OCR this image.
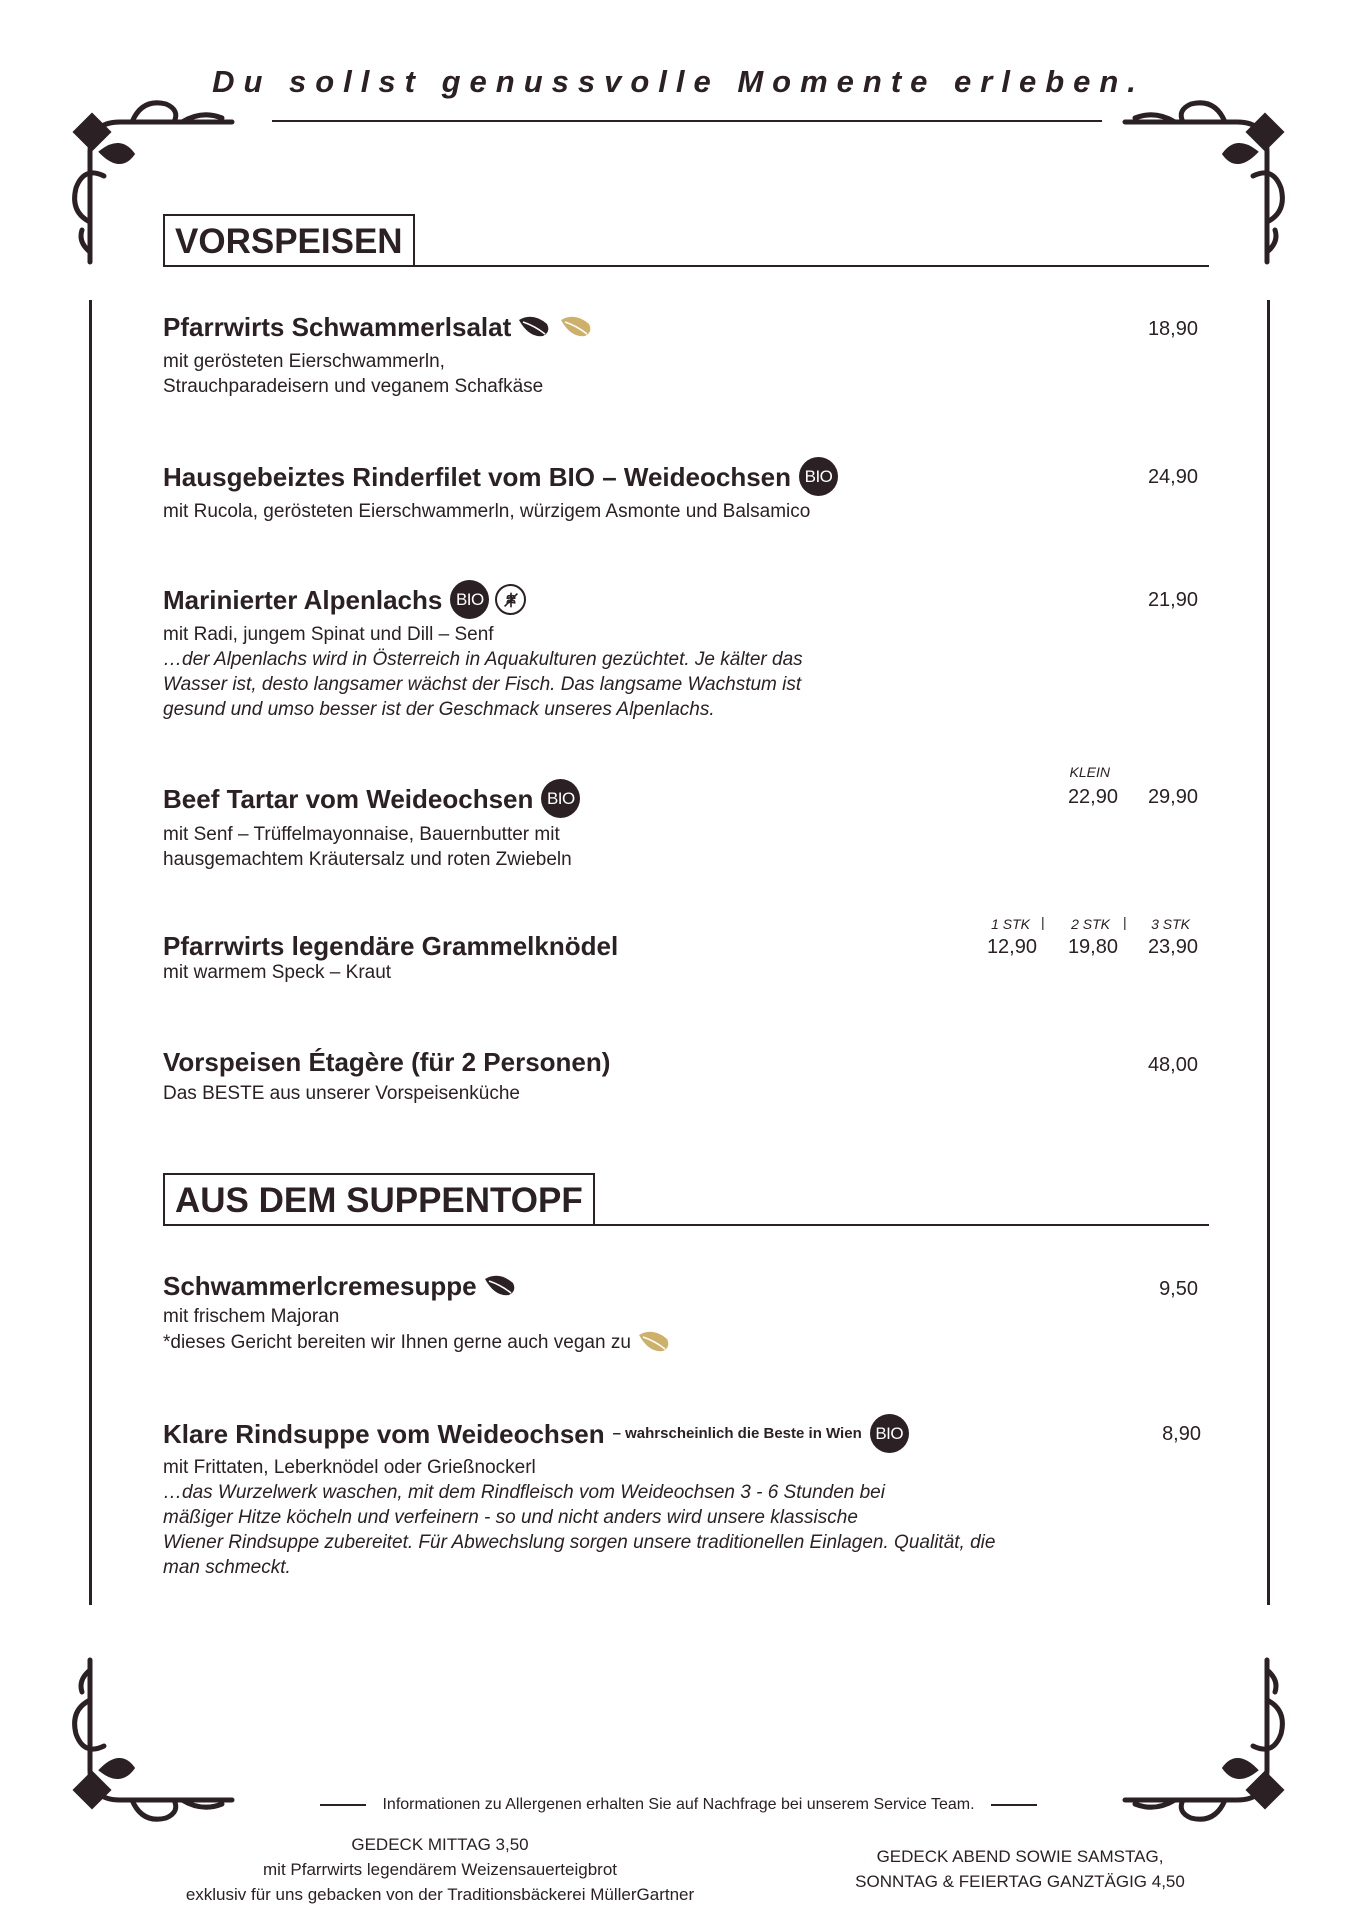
Du sollst genussvolle Momente erleben.
VORSPEISEN
Pfarrwirts Schwammerlsalat
mit gerösteten Eierschwammerln,
Strauchparadeisern und veganem Schafkäse
18,90
Hausgebeiztes Rinderfilet vom BIO – Weideochsen BIO
mit Rucola, gerösteten Eierschwammerln, würzigem Asmonte und Balsamico
24,90
Marinierter Alpenlachs BIO
mit Radi, jungem Spinat und Dill – Senf
…der Alpenlachs wird in Österreich in Aquakulturen gezüchtet. Je kälter das
Wasser ist, desto langsamer wächst der Fisch. Das langsame Wachstum ist
gesund und umso besser ist der Geschmack unseres Alpenlachs.
21,90
Beef Tartar vom Weideochsen BIO
mit Senf – Trüffelmayonnaise, Bauernbutter mit
hausgemachtem Kräutersalz und roten Zwiebeln
KLEIN
22,90	29,90
Pfarrwirts legendäre Grammelknödel
mit warmem Speck – Kraut
1 STK |	2 STK |	3 STK
12,90	19,80	23,90
Vorspeisen Étagère (für 2 Personen)
Das BESTE aus unserer Vorspeisenküche
48,00
AUS DEM SUPPENTOPF
Schwammerlcremesuppe
mit frischem Majoran
*dieses Gericht bereiten wir Ihnen gerne auch vegan zu
9,50
Klare Rindsuppe vom Weideochsen – wahrscheinlich die Beste in Wien BIO
mit Frittaten, Leberknödel oder Grießnockerl
…das Wurzelwerk waschen, mit dem Rindfleisch vom Weideochsen 3 - 6 Stunden bei
mäßiger Hitze köcheln und verfeinern - so und nicht anders wird unsere klassische
Wiener Rindsuppe zubereitet. Für Abwechslung sorgen unsere traditionellen Einlagen. Qualität, die
man schmeckt.
8,90
Informationen zu Allergenen erhalten Sie auf Nachfrage bei unserem Service Team.
GEDECK MITTAG 3,50
mit Pfarrwirts legendärem Weizensauerteigbrot
exklusiv für uns gebacken von der Traditionsbäckerei MüllerGartner
GEDECK ABEND SOWIE SAMSTAG,
SONNTAG & FEIERTAG GANZTÄGIG 4,50
